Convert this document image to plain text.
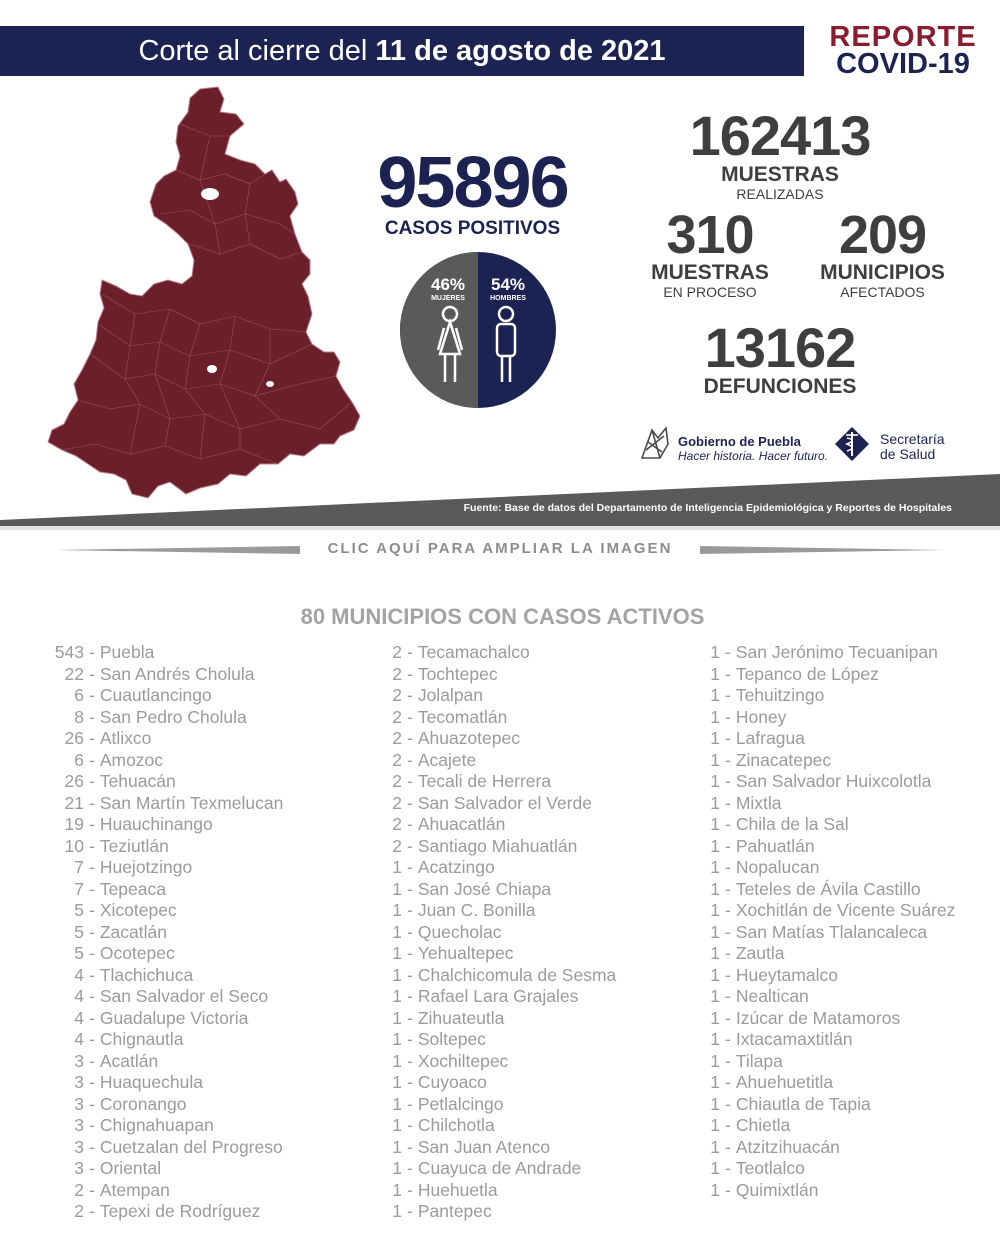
Corte al cierre del 11 de agosto de 2021	REPORTE
COVID-19
95896
CASOS POSITIVOS
46%
MUJERES
54%
HOMBRES
162413
MUESTRAS
REALIZADAS
310
MUESTRAS
EN PROCESO
209
MUNICIPIOS
AFECTADOS
13162
DEFUNCIONES
Gobierno de Puebla
Hacer historia. Hacer futuro.
Secretaría
de Salud
Fuente: Base de datos del Departamento de Inteligencia Epidemiológica y Reportes de Hospitales
CLIC AQUÍ PARA AMPLIAR LA IMAGEN
80 MUNICIPIOS CON CASOS ACTIVOS
543 - Puebla
22 - San Andrés Cholula
6 - Cuautlancingo
8 - San Pedro Cholula
26 - Atlixco
6 - Amozoc
26 - Tehuacán
21 - San Martín Texmelucan
19 - Huauchinango
10 - Teziutlán
7 - Huejotzingo
7 - Tepeaca
5 - Xicotepec
5 - Zacatlán
5 - Ocotepec
4 - Tlachichuca
4 - San Salvador el Seco
4 - Guadalupe Victoria
4 - Chignautla
3 - Acatlán
3 - Huaquechula
3 - Coronango
3 - Chignahuapan
3 - Cuetzalan del Progreso
3 - Oriental
2 - Atempan
2 - Tepexi de Rodríguez
2 - Tecamachalco
2 - Tochtepec
2 - Jolalpan
2 - Tecomatlán
2 - Ahuazotepec
2 - Acajete
2 - Tecali de Herrera
2 - San Salvador el Verde
2 - Ahuacatlán
2 - Santiago Miahuatlán
1 - Acatzingo
1 - San José Chiapa
1 - Juan C. Bonilla
1 - Quecholac
1 - Yehualtepec
1 - Chalchicomula de Sesma
1 - Rafael Lara Grajales
1 - Zihuateutla
1 - Soltepec
1 - Xochiltepec
1 - Cuyoaco
1 - Petlalcingo
1 - Chilchotla
1 - San Juan Atenco
1 - Cuayuca de Andrade
1 - Huehuetla
1 - Pantepec
1 - San Jerónimo Tecuanipan
1 - Tepanco de López
1 - Tehuitzingo
1 - Honey
1 - Lafragua
1 - Zinacatepec
1 - San Salvador Huixcolotla
1 - Mixtla
1 - Chila de la Sal
1 - Pahuatlán
1 - Nopalucan
1 - Teteles de Ávila Castillo
1 - Xochitlán de Vicente Suárez
1 - San Matías Tlalancaleca
1 - Zautla
1 - Hueytamalco
1 - Nealtican
1 - Izúcar de Matamoros
1 - Ixtacamaxtitlán
1 - Tilapa
1 - Ahuehuetitla
1 - Chiautla de Tapia
1 - Chietla
1 - Atzitzihuacán
1 - Teotlalco
1 - Quimixtlán
